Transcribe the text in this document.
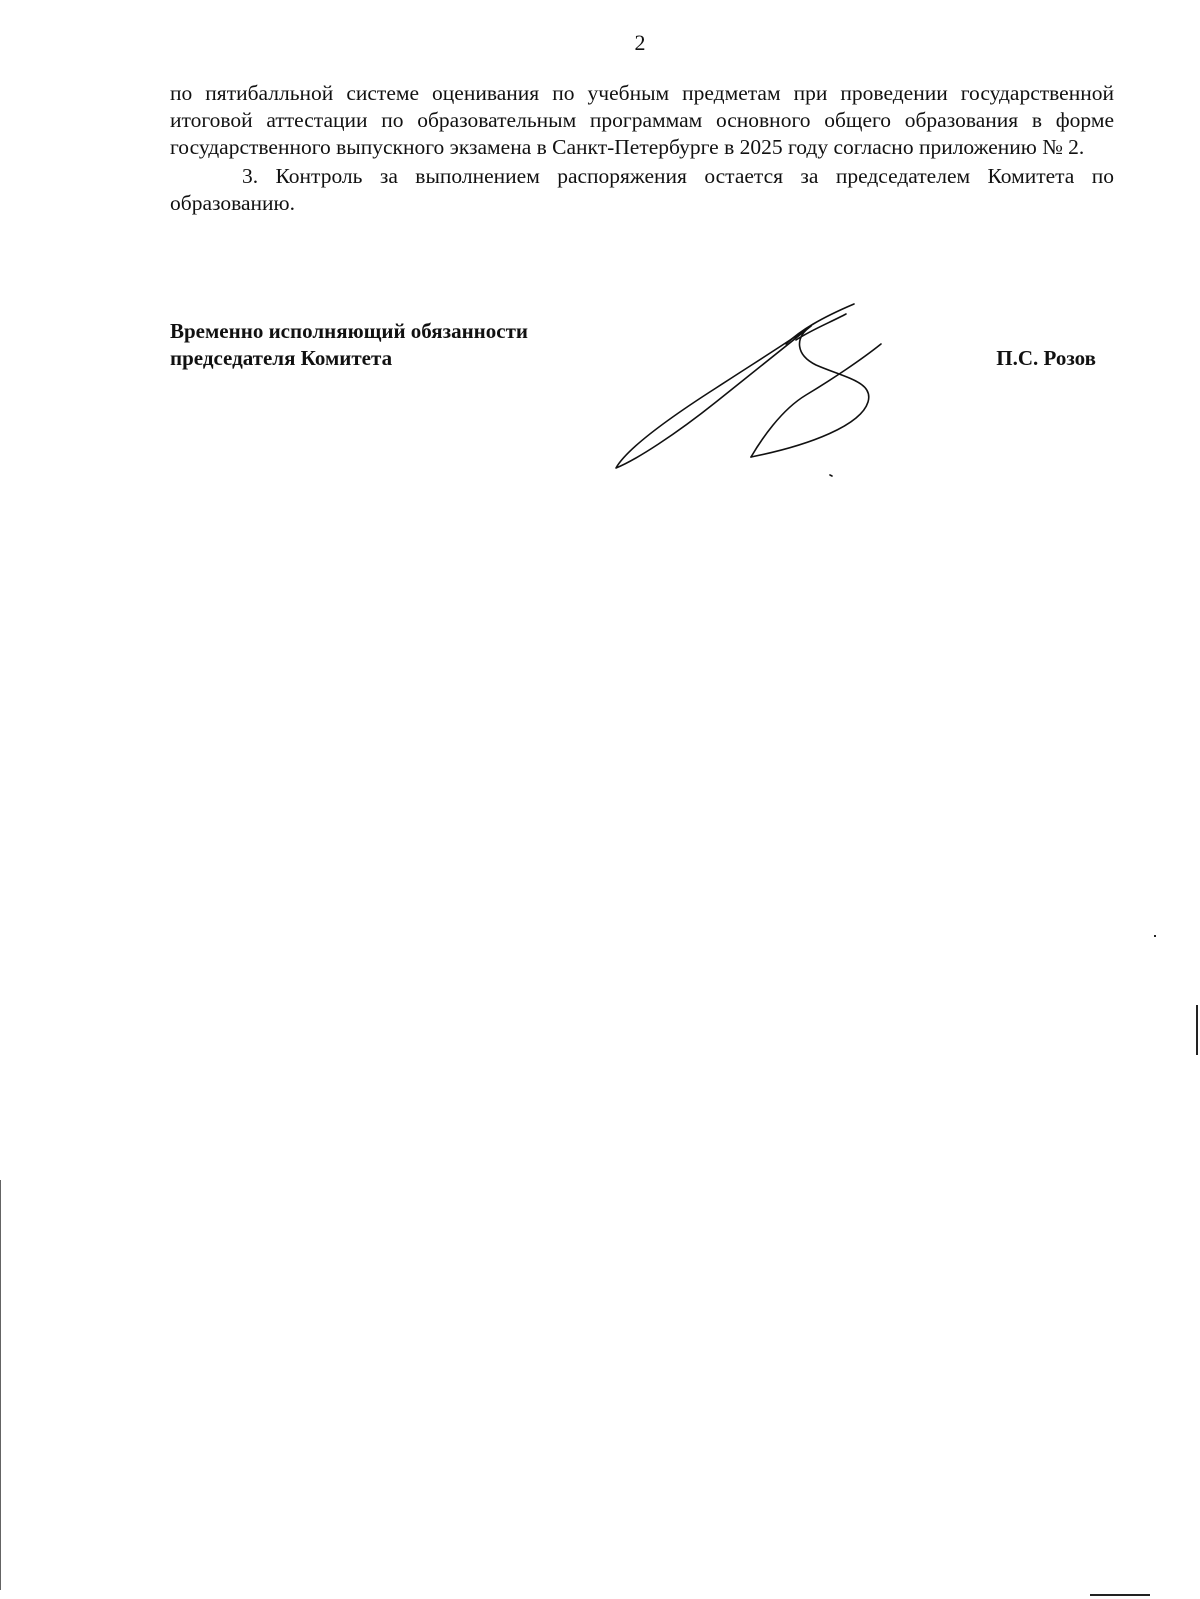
2

по пятибалльной системе оценивания по учебным предметам при проведении государственной итоговой аттестации по образовательным программам основного общего образования в форме государственного выпускного экзамена в Санкт-Петербурге в 2025 году согласно приложению № 2.

3. Контроль за выполнением распоряжения остается за председателем Комитета по образованию.

Временно исполняющий обязанности
председателя Комитета	П.С. Розов
